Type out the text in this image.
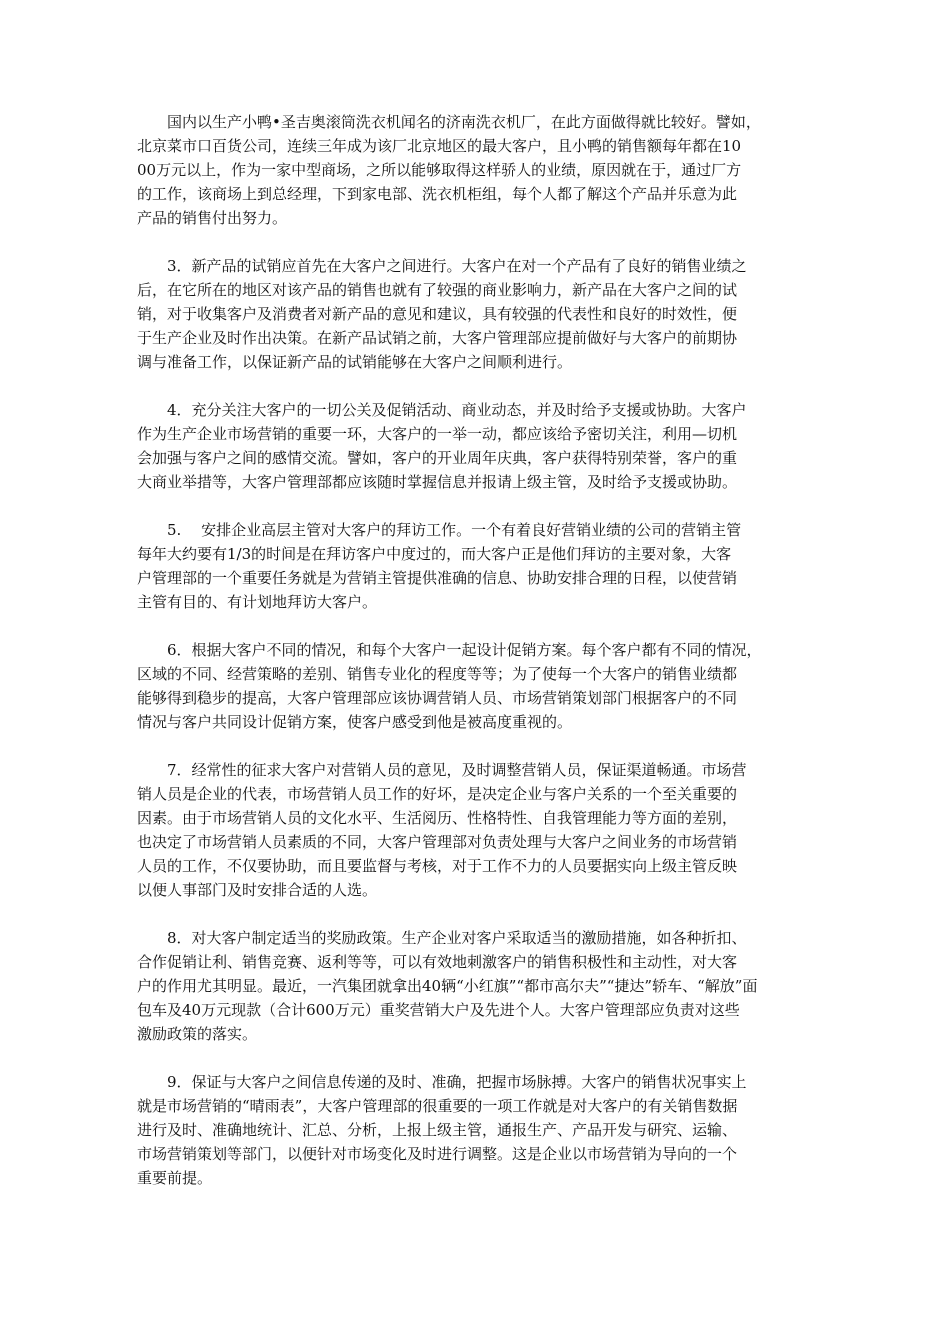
　　国内以生产小鸭•圣吉奥滚筒洗衣机闻名的济南洗衣机厂，在此方面做得就比较好。譬如，
北京菜市口百货公司，连续三年成为该厂北京地区的最大客户，且小鸭的销售额每年都在10
00万元以上，作为一家中型商场，之所以能够取得这样骄人的业绩，原因就在于，通过厂方
的工作，该商场上到总经理，下到家电部、洗衣机柜组，每个人都了解这个产品并乐意为此
产品的销售付出努力。

　　3．新产品的试销应首先在大客户之间进行。大客户在对一个产品有了良好的销售业绩之
后，在它所在的地区对该产品的销售也就有了较强的商业影响力，新产品在大客户之间的试
销，对于收集客户及消费者对新产品的意见和建议，具有较强的代表性和良好的时效性，便
于生产企业及时作出决策。在新产品试销之前，大客户管理部应提前做好与大客户的前期协
调与准备工作，以保证新产品的试销能够在大客户之间顺利进行。

　　4．充分关注大客户的一切公关及促销活动、商业动态，并及时给予支援或协助。大客户
作为生产企业市场营销的重要一环，大客户的一举一动，都应该给予密切关注，利用—切机
会加强与客户之间的感情交流。譬如，客户的开业周年庆典，客户获得特别荣誉，客户的重
大商业举措等，大客户管理部都应该随时掌握信息并报请上级主管，及时给予支援或协助。

　　5.　 安排企业高层主管对大客户的拜访工作。一个有着良好营销业绩的公司的营销主管
每年大约要有1/3的时间是在拜访客户中度过的，而大客户正是他们拜访的主要对象，大客
户管理部的一个重要任务就是为营销主管提供准确的信息、协助安排合理的日程，以使营销
主管有目的、有计划地拜访大客户。

　　6．根据大客户不同的情况，和每个大客户一起设计促销方案。每个客户都有不同的情况，
区域的不同、经营策略的差别、销售专业化的程度等等；为了使每一个大客户的销售业绩都
能够得到稳步的提高，大客户管理部应该协调营销人员、市场营销策划部门根据客户的不同
情况与客户共同设计促销方案，使客户感受到他是被高度重视的。

　　7．经常性的征求大客户对营销人员的意见，及时调整营销人员，保证渠道畅通。市场营
销人员是企业的代表，市场营销人员工作的好坏，是决定企业与客户关系的一个至关重要的
因素。由于市场营销人员的文化水平、生活阅历、性格特性、自我管理能力等方面的差别，
也决定了市场营销人员素质的不同，大客户管理部对负责处理与大客户之间业务的市场营销
人员的工作，不仅要协助，而且要监督与考核，对于工作不力的人员要据实向上级主管反映
以便人事部门及时安排合适的人选。

　　8．对大客户制定适当的奖励政策。生产企业对客户采取适当的激励措施，如各种折扣、
合作促销让利、销售竞赛、返利等等，可以有效地刺激客户的销售积极性和主动性，对大客
户的作用尤其明显。最近，一汽集团就拿出40辆“小红旗”“都市高尔夫”“捷达”轿车、“解放”面
包车及40万元现款（合计600万元）重奖营销大户及先进个人。大客户管理部应负责对这些
激励政策的落实。

　　9．保证与大客户之间信息传递的及时、准确，把握市场脉搏。大客户的销售状况事实上
就是市场营销的“晴雨表”，大客户管理部的很重要的一项工作就是对大客户的有关销售数据
进行及时、准确地统计、汇总、分析，上报上级主管，通报生产、产品开发与研究、运输、
市场营销策划等部门，以便针对市场变化及时进行调整。这是企业以市场营销为导向的一个
重要前提。
